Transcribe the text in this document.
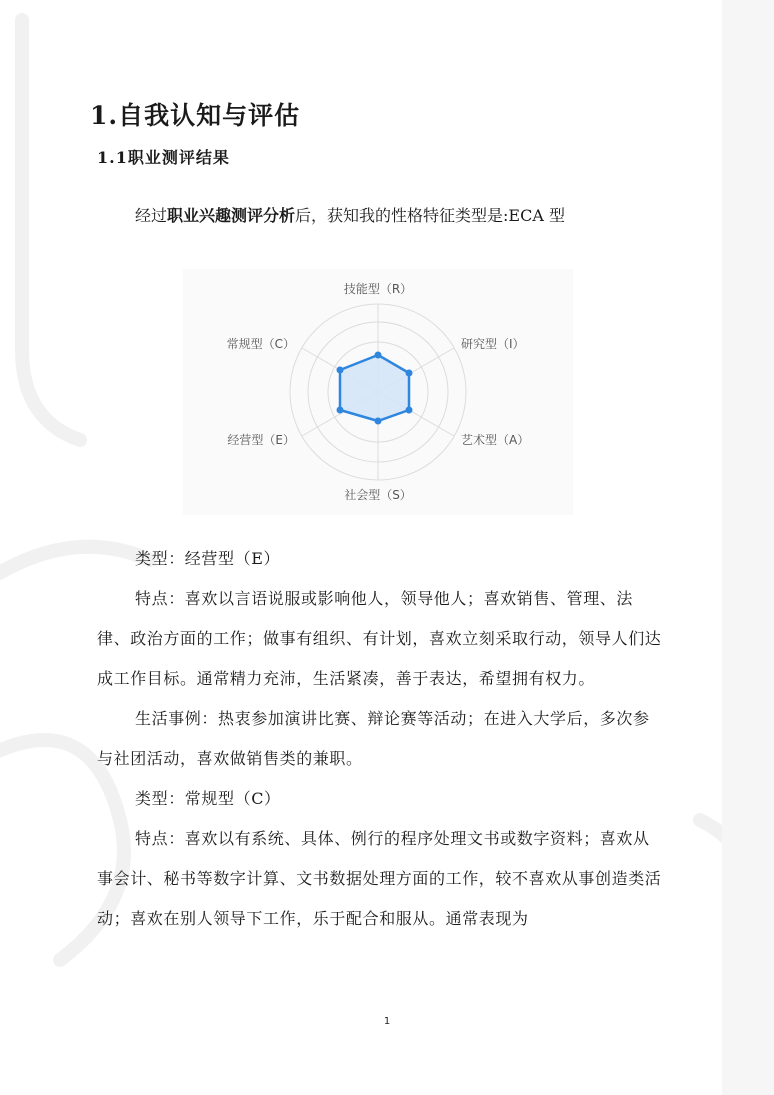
1.自我认知与评估
1.1职业测评结果
经过职业兴趣测评分析后，获知我的性格特征类型是:ECA 型
技能型（R）
研究型（I）
艺术型（A）
社会型（S）
经营型（E）
常规型（C）

类型：经营型（E）

特点：喜欢以言语说服或影响他人，领导他人；喜欢销售、管理、法律、政治方面的工作；做事有组织、有计划，喜欢立刻采取行动，领导人们达成工作目标。通常精力充沛，生活紧凑，善于表达，希望拥有权力。

生活事例：热衷参加演讲比赛、辩论赛等活动；在进入大学后，多次参与社团活动，喜欢做销售类的兼职。

类型：常规型（C）

特点：喜欢以有系统、具体、例行的程序处理文书或数字资料；喜欢从事会计、秘书等数字计算、文书数据处理方面的工作，较不喜欢从事创造类活动；喜欢在别人领导下工作，乐于配合和服从。通常表现为

1
